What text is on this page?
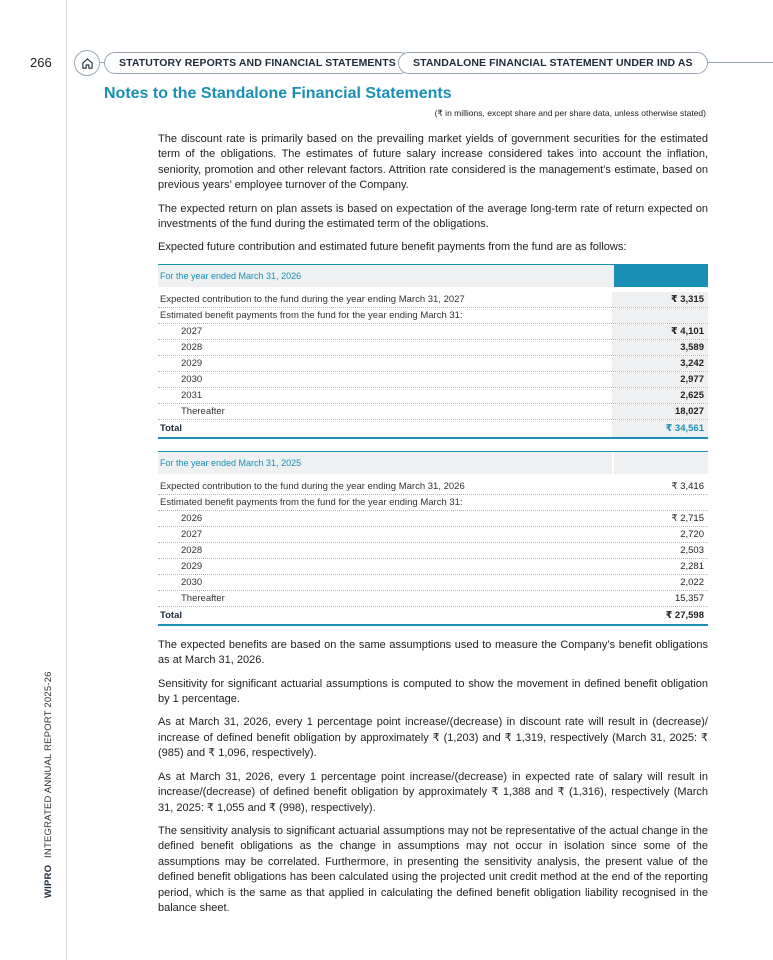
266	STATUTORY REPORTS AND FINANCIAL STATEMENTS	STANDALONE FINANCIAL STATEMENT UNDER IND AS
Notes to the Standalone Financial Statements
(₹ in millions, except share and per share data, unless otherwise stated)

The discount rate is primarily based on the prevailing market yields of government securities for the estimated term of the obligations. The estimates of future salary increase considered takes into account the inflation, seniority, promotion and other relevant factors. Attrition rate considered is the management’s estimate, based on previous years’ employee turnover of the Company.

The expected return on plan assets is based on expectation of the average long-term rate of return expected on investments of the fund during the estimated term of the obligations.

Expected future contribution and estimated future benefit payments from the fund are as follows:

For the year ended March 31, 2026
Expected contribution to the fund during the year ending March 31, 2027	₹ 3,315
Estimated benefit payments from the fund for the year ending March 31:
2027	₹ 4,101
2028	3,589
2029	3,242
2030	2,977
2031	2,625
Thereafter	18,027
Total	₹ 34,561
For the year ended March 31, 2025
Expected contribution to the fund during the year ending March 31, 2026	₹ 3,416
Estimated benefit payments from the fund for the year ending March 31:
2026	₹ 2,715
2027	2,720
2028	2,503
2029	2,281
2030	2,022
Thereafter	15,357
Total	₹ 27,598

The expected benefits are based on the same assumptions used to measure the Company’s benefit obligations as at March 31, 2026.

Sensitivity for significant actuarial assumptions is computed to show the movement in defined benefit obligation by 1 percentage.

As at March 31, 2026, every 1 percentage point increase/(decrease) in discount rate will result in (decrease)/ increase of defined benefit obligation by approximately ₹ (1,203) and ₹ 1,319, respectively (March 31, 2025: ₹ (985) and ₹ 1,096, respectively).

As at March 31, 2026, every 1 percentage point increase/(decrease) in expected rate of salary will result in increase/(decrease) of defined benefit obligation by approximately ₹ 1,388 and ₹ (1,316), respectively (March 31, 2025: ₹ 1,055 and ₹ (998), respectively).

The sensitivity analysis to significant actuarial assumptions may not be representative of the actual change in the defined benefit obligations as the change in assumptions may not occur in isolation since some of the assumptions may be correlated. Furthermore, in presenting the sensitivity analysis, the present value of the defined benefit obligations has been calculated using the projected unit credit method at the end of the reporting period, which is the same as that applied in calculating the defined benefit obligation liability recognised in the balance sheet.

WIPRO INTEGRATED ANNUAL REPORT 2025-26
